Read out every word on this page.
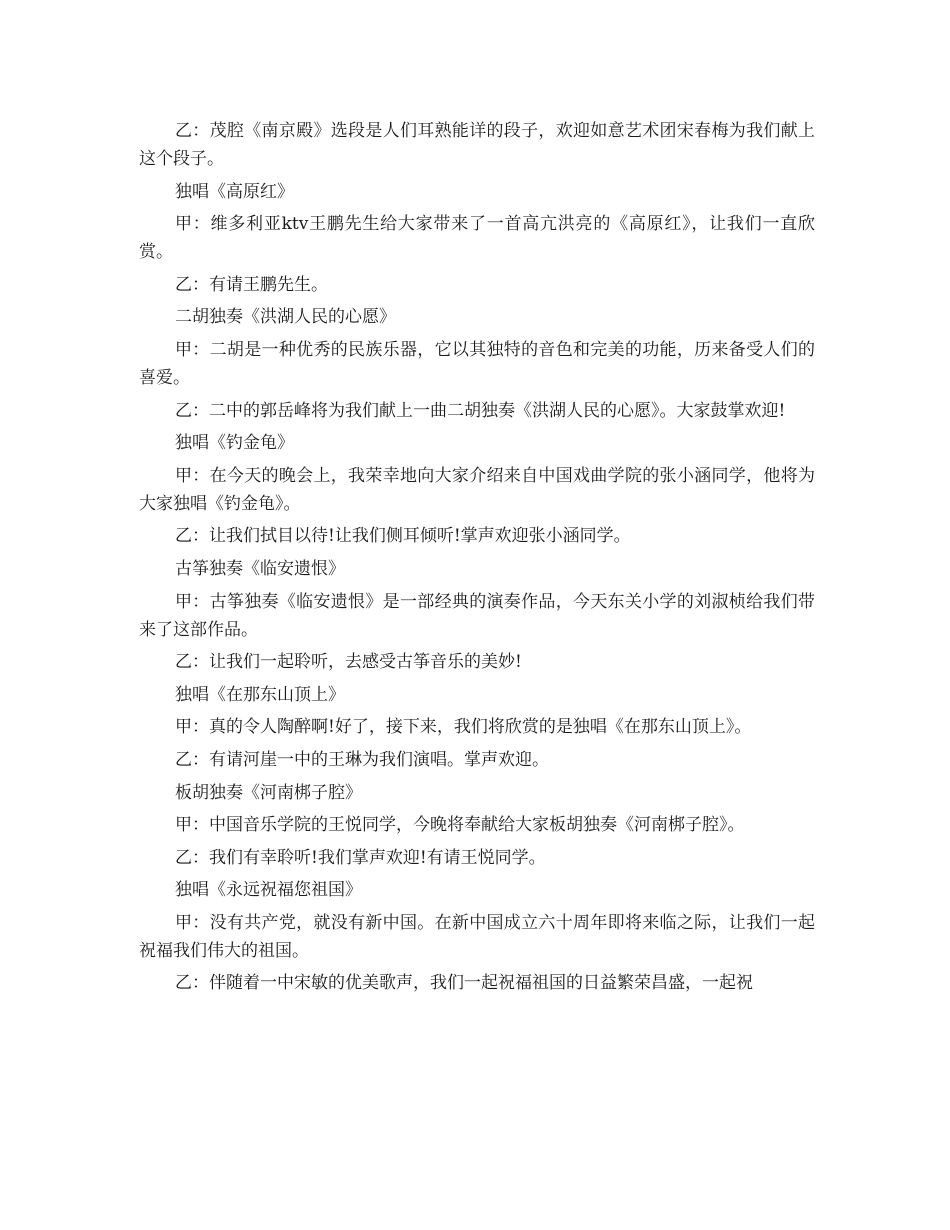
乙：茂腔《南京殿》选段是人们耳熟能详的段子，欢迎如意艺术团宋春梅为我们献上这个段子。

独唱《高原红》

甲：维多利亚ktv王鹏先生给大家带来了一首高亢洪亮的《高原红》，让我们一直欣赏。

乙：有请王鹏先生。

二胡独奏《洪湖人民的心愿》

甲：二胡是一种优秀的民族乐器，它以其独特的音色和完美的功能，历来备受人们的喜爱。

乙：二中的郭岳峰将为我们献上一曲二胡独奏《洪湖人民的心愿》。大家鼓掌欢迎!

独唱《钓金龟》

甲：在今天的晚会上，我荣幸地向大家介绍来自中国戏曲学院的张小涵同学，他将为大家独唱《钓金龟》。

乙：让我们拭目以待!让我们侧耳倾听!掌声欢迎张小涵同学。

古筝独奏《临安遗恨》

甲：古筝独奏《临安遗恨》是一部经典的演奏作品，今天东关小学的刘淑桢给我们带来了这部作品。

乙：让我们一起聆听，去感受古筝音乐的美妙!

独唱《在那东山顶上》

甲：真的令人陶醉啊!好了，接下来，我们将欣赏的是独唱《在那东山顶上》。

乙：有请河崖一中的王琳为我们演唱。掌声欢迎。

板胡独奏《河南梆子腔》

甲：中国音乐学院的王悦同学，今晚将奉献给大家板胡独奏《河南梆子腔》。

乙：我们有幸聆听!我们掌声欢迎!有请王悦同学。

独唱《永远祝福您祖国》

甲：没有共产党，就没有新中国。在新中国成立六十周年即将来临之际，让我们一起祝福我们伟大的祖国。

乙：伴随着一中宋敏的优美歌声，我们一起祝福祖国的日益繁荣昌盛，一起祝
